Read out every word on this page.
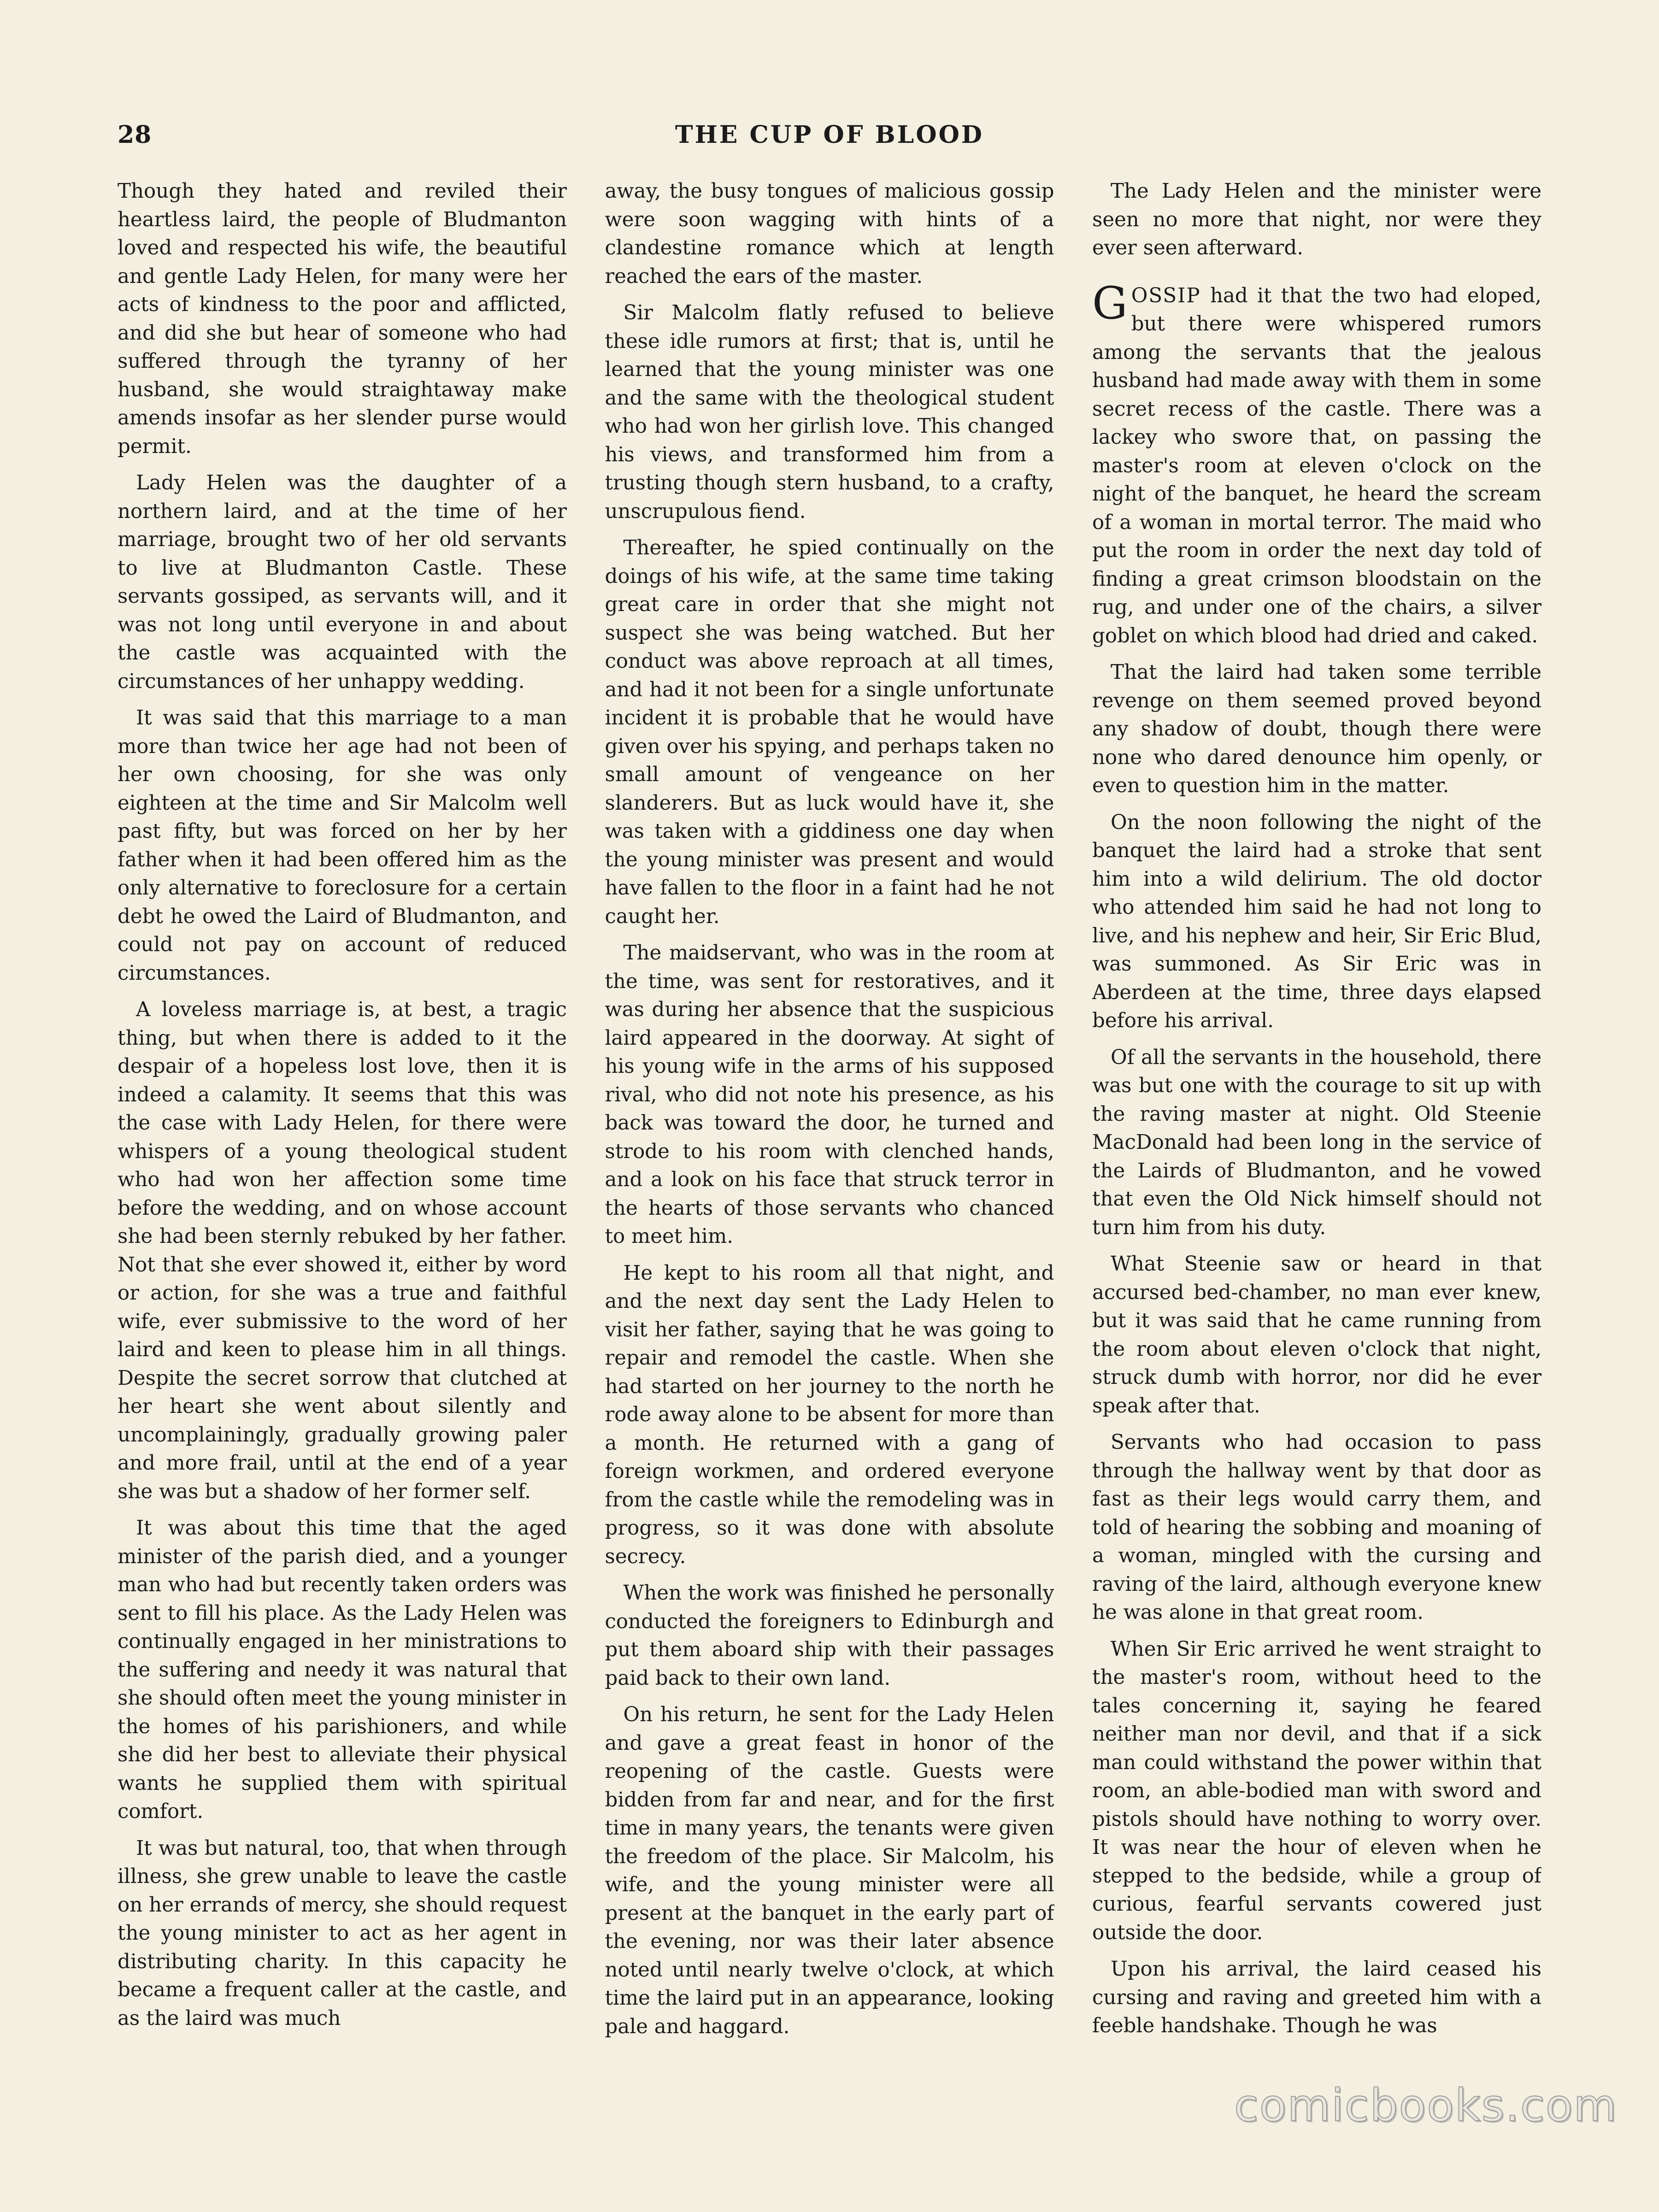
28	THE CUP OF BLOOD

Though they hated and reviled their heartless laird, the people of Bludmanton loved and respected his wife, the beautiful and gentle Lady Helen, for many were her acts of kindness to the poor and afflicted, and did she but hear of someone who had suffered through the tyranny of her husband, she would straightaway make amends insofar as her slender purse would permit.

Lady Helen was the daughter of a northern laird, and at the time of her marriage, brought two of her old servants to live at Bludmanton Castle. These servants gossiped, as servants will, and it was not long until everyone in and about the castle was acquainted with the circumstances of her unhappy wedding.

It was said that this marriage to a man more than twice her age had not been of her own choosing, for she was only eighteen at the time and Sir Malcolm well past fifty, but was forced on her by her father when it had been offered him as the only alternative to foreclosure for a certain debt he owed the Laird of Bludmanton, and could not pay on account of reduced circumstances.

A loveless marriage is, at best, a tragic thing, but when there is added to it the despair of a hopeless lost love, then it is indeed a calamity. It seems that this was the case with Lady Helen, for there were whispers of a young theological student who had won her affection some time before the wedding, and on whose account she had been sternly rebuked by her father. Not that she ever showed it, either by word or action, for she was a true and faithful wife, ever submissive to the word of her laird and keen to please him in all things. Despite the secret sorrow that clutched at her heart she went about silently and uncomplainingly, gradually growing paler and more frail, until at the end of a year she was but a shadow of her former self.

It was about this time that the aged minister of the parish died, and a younger man who had but recently taken orders was sent to fill his place. As the Lady Helen was continually engaged in her ministrations to the suffering and needy it was natural that she should often meet the young minister in the homes of his parishioners, and while she did her best to alleviate their physical wants he supplied them with spiritual comfort.

It was but natural, too, that when through illness, she grew unable to leave the castle on her errands of mercy, she should request the young minister to act as her agent in distributing charity. In this capacity he became a frequent caller at the castle, and as the laird was much

away, the busy tongues of malicious gossip were soon wagging with hints of a clandestine romance which at length reached the ears of the master.

Sir Malcolm flatly refused to believe these idle rumors at first; that is, until he learned that the young minister was one and the same with the theological student who had won her girlish love. This changed his views, and transformed him from a trusting though stern husband, to a crafty, unscrupulous fiend.

Thereafter, he spied continually on the doings of his wife, at the same time taking great care in order that she might not suspect she was being watched. But her conduct was above reproach at all times, and had it not been for a single unfortunate incident it is probable that he would have given over his spying, and perhaps taken no small amount of vengeance on her slanderers. But as luck would have it, she was taken with a giddiness one day when the young minister was present and would have fallen to the floor in a faint had he not caught her.

The maidservant, who was in the room at the time, was sent for restoratives, and it was during her absence that the suspicious laird appeared in the doorway. At sight of his young wife in the arms of his supposed rival, who did not note his presence, as his back was toward the door, he turned and strode to his room with clenched hands, and a look on his face that struck terror in the hearts of those servants who chanced to meet him.

He kept to his room all that night, and and the next day sent the Lady Helen to visit her father, saying that he was going to repair and remodel the castle. When she had started on her journey to the north he rode away alone to be absent for more than a month. He returned with a gang of foreign workmen, and ordered everyone from the castle while the remodeling was in progress, so it was done with absolute secrecy.

When the work was finished he personally conducted the foreigners to Edinburgh and put them aboard ship with their passages paid back to their own land.

On his return, he sent for the Lady Helen and gave a great feast in honor of the reopening of the castle. Guests were bidden from far and near, and for the first time in many years, the tenants were given the freedom of the place. Sir Malcolm, his wife, and the young minister were all present at the banquet in the early part of the evening, nor was their later absence noted until nearly twelve o'clock, at which time the laird put in an appearance, looking pale and haggard.

The Lady Helen and the minister were seen no more that night, nor were they ever seen afterward.

GOSSIP had it that the two had eloped, but there were whispered rumors among the servants that the jealous husband had made away with them in some secret recess of the castle. There was a lackey who swore that, on passing the master's room at eleven o'clock on the night of the banquet, he heard the scream of a woman in mortal terror. The maid who put the room in order the next day told of finding a great crimson bloodstain on the rug, and under one of the chairs, a silver goblet on which blood had dried and caked.

That the laird had taken some terrible revenge on them seemed proved beyond any shadow of doubt, though there were none who dared denounce him openly, or even to question him in the matter.

On the noon following the night of the banquet the laird had a stroke that sent him into a wild delirium. The old doctor who attended him said he had not long to live, and his nephew and heir, Sir Eric Blud, was summoned. As Sir Eric was in Aberdeen at the time, three days elapsed before his arrival.

Of all the servants in the household, there was but one with the courage to sit up with the raving master at night. Old Steenie MacDonald had been long in the service of the Lairds of Bludmanton, and he vowed that even the Old Nick himself should not turn him from his duty.

What Steenie saw or heard in that accursed bed-chamber, no man ever knew, but it was said that he came running from the room about eleven o'clock that night, struck dumb with horror, nor did he ever speak after that.

Servants who had occasion to pass through the hallway went by that door as fast as their legs would carry them, and told of hearing the sobbing and moaning of a woman, mingled with the cursing and raving of the laird, although everyone knew he was alone in that great room.

When Sir Eric arrived he went straight to the master's room, without heed to the tales concerning it, saying he feared neither man nor devil, and that if a sick man could withstand the power within that room, an able-bodied man with sword and pistols should have nothing to worry over. It was near the hour of eleven when he stepped to the bedside, while a group of curious, fearful servants cowered just outside the door.

Upon his arrival, the laird ceased his cursing and raving and greeted him with a feeble handshake. Though he was

comicbooks.com
